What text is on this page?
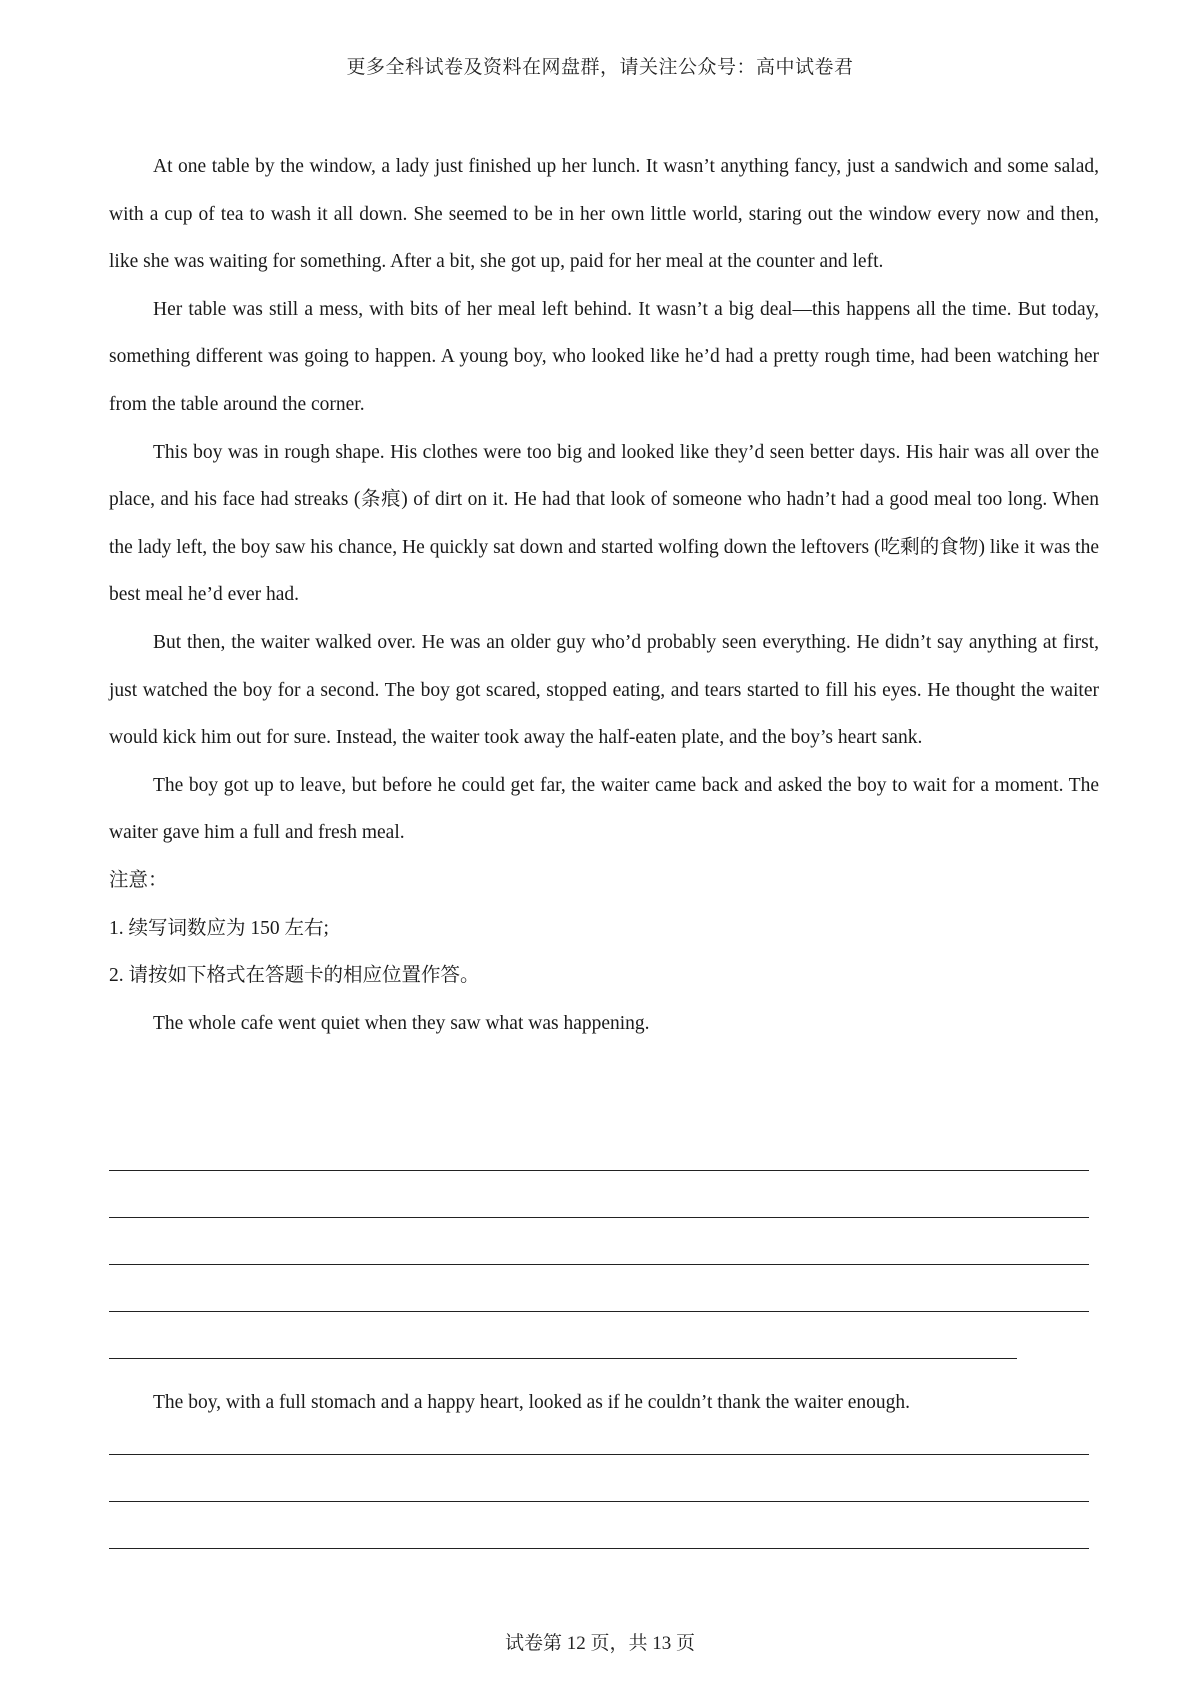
更多全科试卷及资料在网盘群，请关注公众号：高中试卷君

At one table by the window, a lady just finished up her lunch. It wasn’t anything fancy, just a sandwich and some salad, with a cup of tea to wash it all down. She seemed to be in her own little world, staring out the window every now and then, like she was waiting for something. After a bit, she got up, paid for her meal at the counter and left.

Her table was still a mess, with bits of her meal left behind. It wasn’t a big deal—this happens all the time. But today, something different was going to happen. A young boy, who looked like he’d had a pretty rough time, had been watching her from the table around the corner.

This boy was in rough shape. His clothes were too big and looked like they’d seen better days. His hair was all over the place, and his face had streaks (条痕) of dirt on it. He had that look of someone who hadn’t had a good meal too long. When the lady left, the boy saw his chance, He quickly sat down and started wolfing down the leftovers (吃剩的食物) like it was the best meal he’d ever had.

But then, the waiter walked over. He was an older guy who’d probably seen everything. He didn’t say anything at first, just watched the boy for a second. The boy got scared, stopped eating, and tears started to fill his eyes. He thought the waiter would kick him out for sure. Instead, the waiter took away the half-eaten plate, and the boy’s heart sank.

The boy got up to leave, but before he could get far, the waiter came back and asked the boy to wait for a moment. The waiter gave him a full and fresh meal.

注意：

1. 续写词数应为 150 左右;

2. 请按如下格式在答题卡的相应位置作答。

The whole cafe went quiet when they saw what was happening.

The boy, with a full stomach and a happy heart, looked as if he couldn’t thank the waiter enough.
试卷第 12 页，共 13 页
